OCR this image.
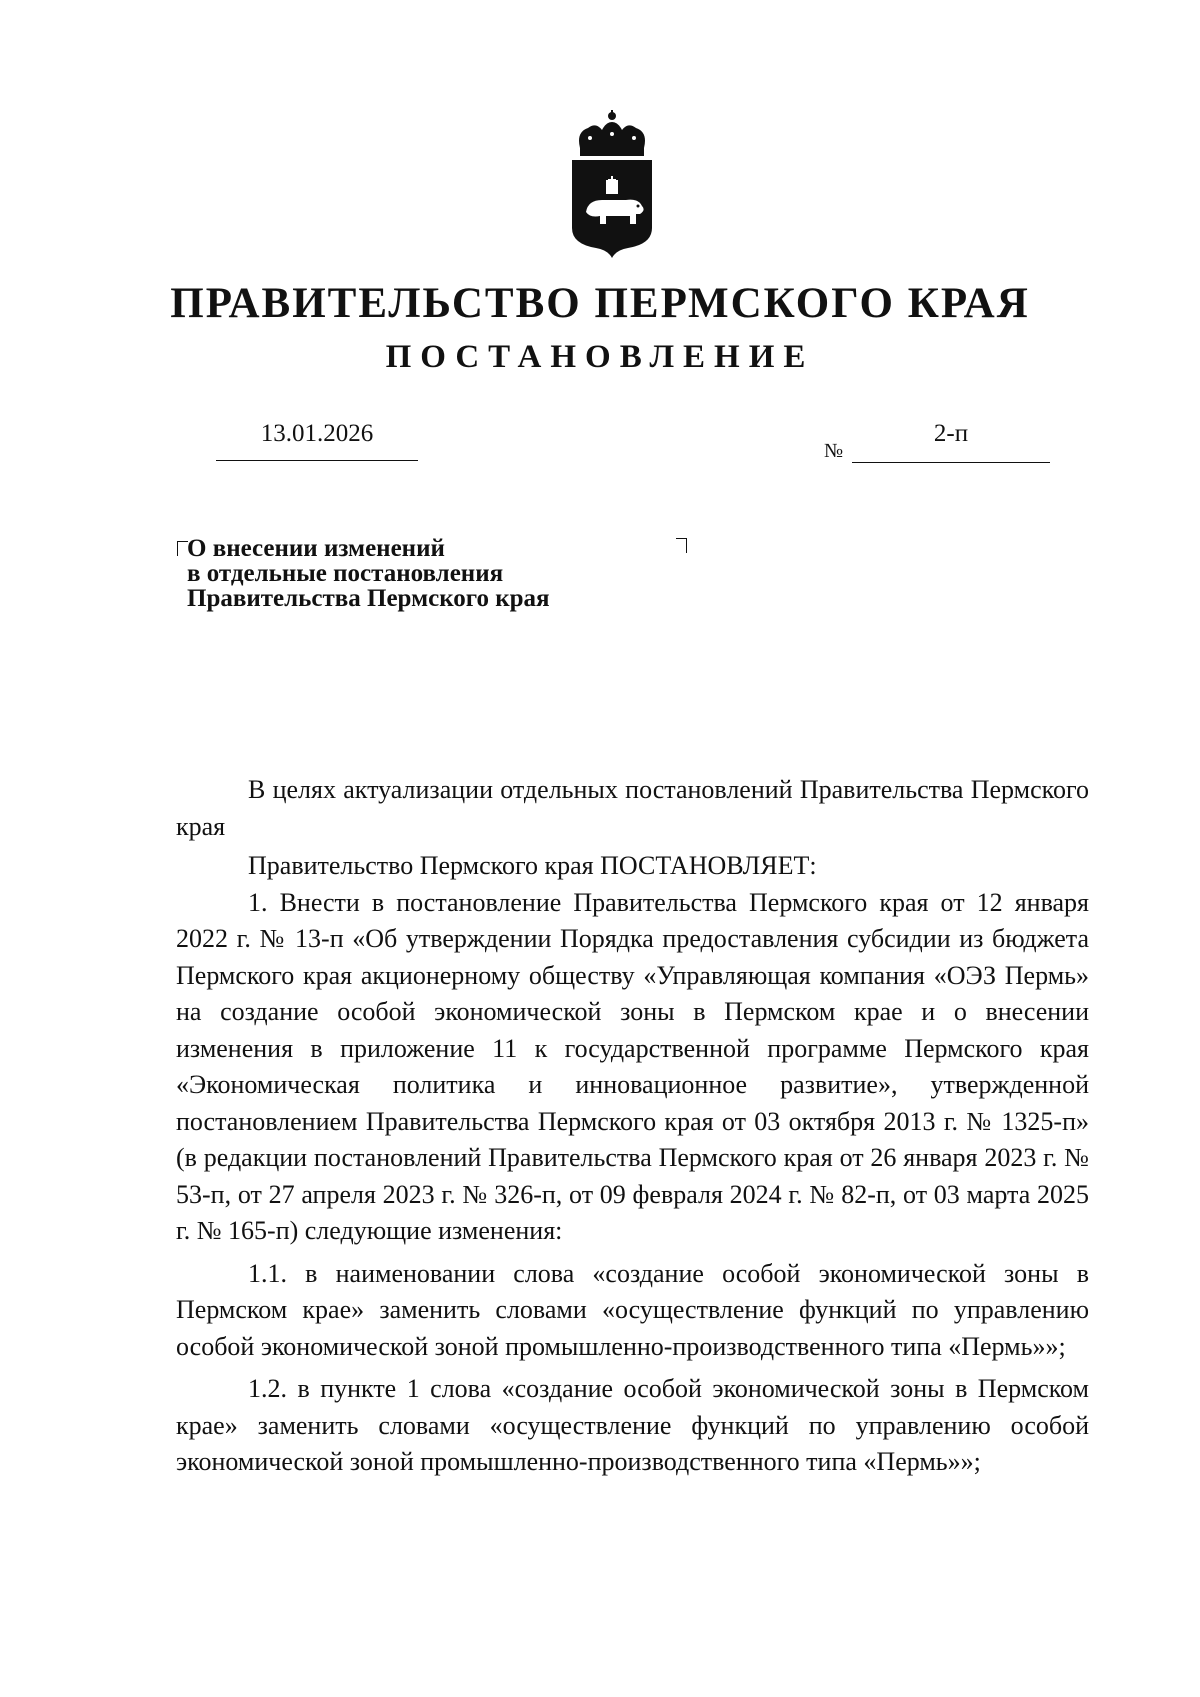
ПРАВИТЕЛЬСТВО ПЕРМСКОГО КРАЯ
ПОСТАНОВЛЕНИЕ
13.01.2026
№
2-п
О внесении изменений
в отдельные постановления
Правительства Пермского края

В целях актуализации отдельных постановлений Правительства Пермского края

Правительство Пермского края ПОСТАНОВЛЯЕТ:

1. Внести в постановление Правительства Пермского края от 12 января 2022 г. № 13-п «Об утверждении Порядка предоставления субсидии из бюджета Пермского края акционерному обществу «Управляющая компания «ОЭЗ Пермь» на создание особой экономической зоны в Пермском крае и о внесении изменения в приложение 11 к государственной программе Пермского края «Экономическая политика и инновационное развитие», утвержденной постановлением Правительства Пермского края от 03 октября 2013 г. № 1325-п» (в редакции постановлений Правительства Пермского края от 26 января 2023 г. № 53-п, от 27 апреля 2023 г. № 326-п, от 09 февраля 2024 г. № 82-п, от 03 марта 2025 г. № 165-п) следующие изменения:

1.1. в наименовании слова «создание особой экономической зоны в Пермском крае» заменить словами «осуществление функций по управлению особой экономической зоной промышленно-производственного типа «Пермь»»;

1.2. в пункте 1 слова «создание особой экономической зоны в Пермском крае» заменить словами «осуществление функций по управлению особой экономической зоной промышленно-производственного типа «Пермь»»;
